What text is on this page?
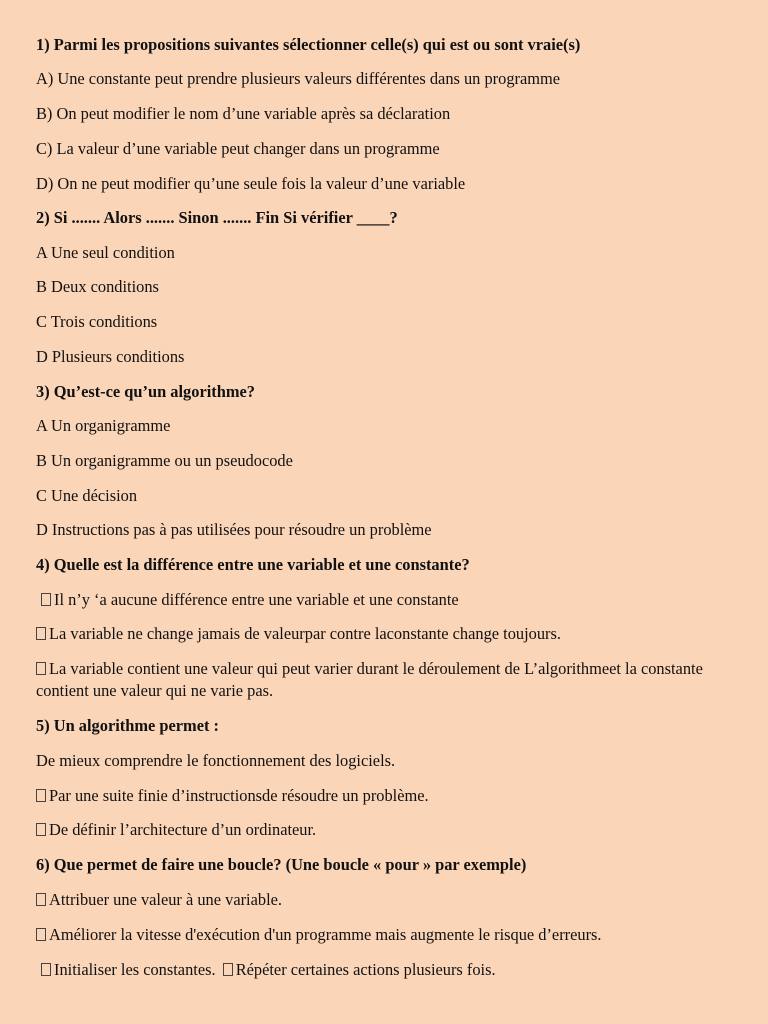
1) Parmi les propositions suivantes sélectionner celle(s) qui est ou sont vraie(s)
A) Une constante peut prendre plusieurs valeurs différentes dans un programme
B) On peut modifier le nom d’une variable après sa déclaration
C) La valeur d’une variable peut changer dans un programme
D) On ne peut modifier qu’une seule fois la valeur d’une variable
2) Si ....... Alors ....... Sinon ....... Fin Si vérifier ____?
A Une seul condition
B Deux conditions
C Trois conditions
D Plusieurs conditions
3) Qu’est-ce qu’un algorithme?
A Un organigramme
B Un organigramme ou un pseudocode
C Une décision
D Instructions pas à pas utilisées pour résoudre un problème
4) Quelle est la différence entre une variable et une constante?
Il n’y ‘a aucune différence entre une variable et une constante
La variable ne change jamais de valeurpar contre laconstante change toujours.
La variable contient une valeur qui peut varier durant le déroulement de L’algorithmeet la constante contient une valeur qui ne varie pas.
5) Un algorithme permet :
De mieux comprendre le fonctionnement des logiciels.
Par une suite finie d’instructionsde résoudre un problème.
De définir l’architecture d’un ordinateur.
6) Que permet de faire une boucle? (Une boucle « pour » par exemple)
Attribuer une valeur à une variable.
Améliorer la vitesse d'exécution d'un programme mais augmente le risque d’erreurs.
Initialiser les constantes. Répéter certaines actions plusieurs fois.
